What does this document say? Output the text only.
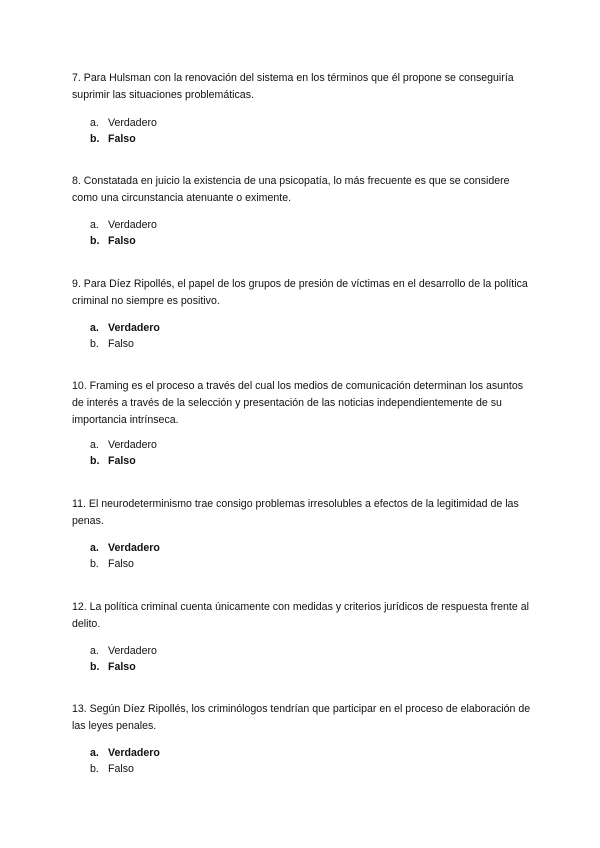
7. Para Hulsman con la renovación del sistema en los términos que él propone se conseguiría suprimir las situaciones problemáticas.

a. Verdadero
b. Falso

8. Constatada en juicio la existencia de una psicopatía, lo más frecuente es que se considere como una circunstancia atenuante o eximente.

a. Verdadero
b. Falso

9. Para Díez Ripollés, el papel de los grupos de presión de víctimas en el desarrollo de la política criminal no siempre es positivo.

a. Verdadero
b. Falso

10. Framing es el proceso a través del cual los medios de comunicación determinan los asuntos de interés a través de la selección y presentación de las noticias independientemente de su importancia intrínseca.

a. Verdadero
b. Falso

11. El neurodeterminismo trae consigo problemas irresolubles a efectos de la legitimidad de las penas.

a. Verdadero
b. Falso

12. La política criminal cuenta únicamente con medidas y criterios jurídicos de respuesta frente al delito.

a. Verdadero
b. Falso

13. Según Díez Ripollés, los criminólogos tendrían que participar en el proceso de elaboración de las leyes penales.

a. Verdadero
b. Falso
